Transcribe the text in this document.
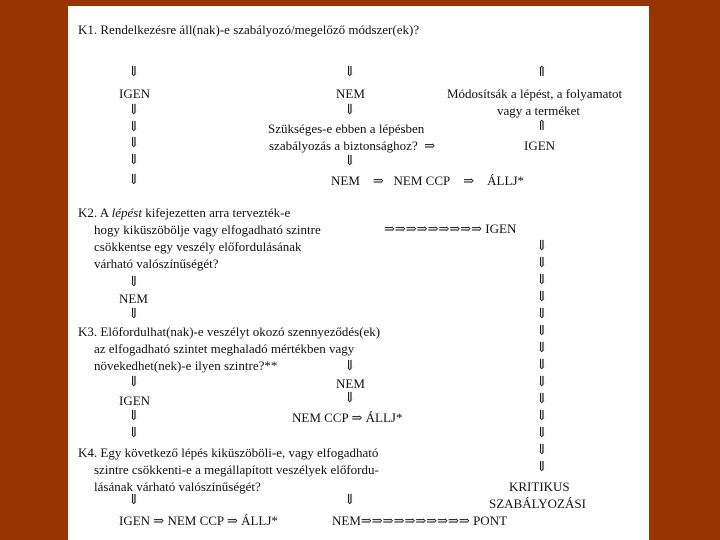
K1. Rendelkezésre áll(nak)-e szabályozó/megelőző módszer(ek)?
⇓
IGEN
⇓
⇓
⇓
⇓
⇓
⇓
NEM
⇓
Szükséges-e ebben a lépésben
szabályozás a biztonsághoz? ⇒
⇓
NEM ⇒ NEM CCP ⇒ ÁLLJ*
⇑
Módosítsák a lépést, a folyamatot
vagy a terméket
⇑
IGEN
K2. A lépést kifejezetten arra tervezték-e
hogy kiküszöbölje vagy elfogadható szintre
csökkentse egy veszély előfordulásának
várható valószínűségét?
⇒⇒⇒⇒⇒⇒⇒⇒⇒ IGEN
⇓
NEM
⇓
⇓
⇓
⇓
⇓
⇓
⇓
⇓
⇓
⇓
⇓
⇓
⇓
⇓
⇓
K3. Előfordulhat(nak)-e veszélyt okozó szennyeződés(ek)
az elfogadható szintet meghaladó mértékben vagy
növekedhet(nek)-e ilyen szintre?**	⇓
NEM
⇓
IGEN	⇓
⇓	NEM CCP ⇒ ÁLLJ*
⇓
K4. Egy következő lépés kiküszöböli-e, vagy elfogadható
szintre csökkenti-e a megállapított veszélyek előfordu-
lásának várható valószínűségét?	KRITIKUS
SZABÁLYOZÁSI
⇓	⇓
IGEN ⇒ NEM CCP ⇒ ÁLLJ*	NEM⇒⇒⇒⇒⇒⇒⇒⇒⇒⇒ PONT
